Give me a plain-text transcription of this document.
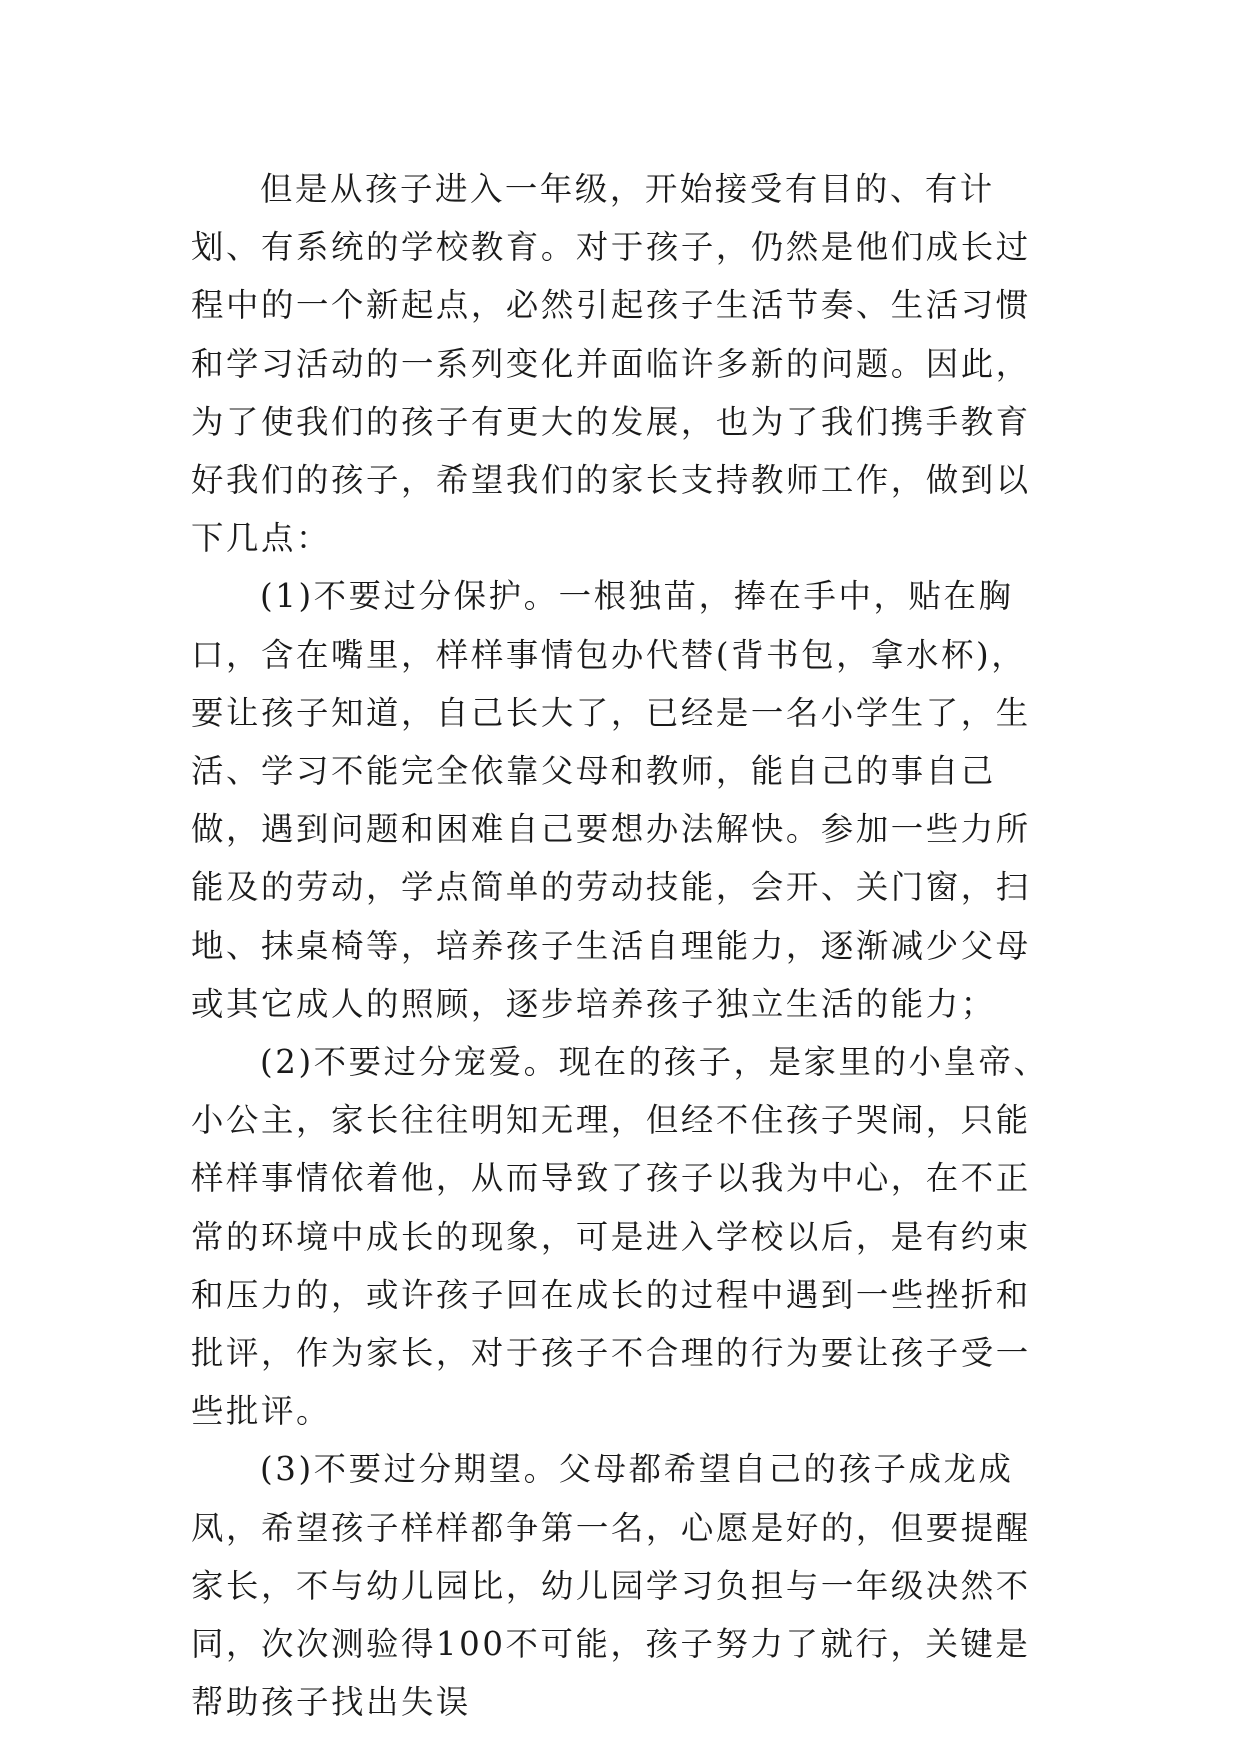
但是从孩子进入一年级，开始接受有目的、有计划、有系统的学校教育。对于孩子，仍然是他们成长过程中的一个新起点，必然引起孩子生活节奏、生活习惯和学习活动的一系列变化并面临许多新的问题。因此，为了使我们的孩子有更大的发展，也为了我们携手教育好我们的孩子，希望我们的家长支持教师工作，做到以下几点：

(1)不要过分保护。一根独苗，捧在手中，贴在胸口，含在嘴里，样样事情包办代替(背书包，拿水杯)，要让孩子知道，自己长大了，已经是一名小学生了，生活、学习不能完全依靠父母和教师，能自己的事自己做，遇到问题和困难自己要想办法解快。参加一些力所能及的劳动，学点简单的劳动技能，会开、关门窗，扫地、抹桌椅等，培养孩子生活自理能力，逐渐减少父母或其它成人的照顾，逐步培养孩子独立生活的能力；

(2)不要过分宠爱。现在的孩子，是家里的小皇帝、小公主，家长往往明知无理，但经不住孩子哭闹，只能样样事情依着他，从而导致了孩子以我为中心，在不正常的环境中成长的现象，可是进入学校以后，是有约束和压力的，或许孩子回在成长的过程中遇到一些挫折和批评，作为家长，对于孩子不合理的行为要让孩子受一些批评。

(3)不要过分期望。父母都希望自己的孩子成龙成凤，希望孩子样样都争第一名，心愿是好的，但要提醒家长，不与幼儿园比，幼儿园学习负担与一年级决然不同，次次测验得100不可能，孩子努力了就行，关键是帮助孩子找出失误
